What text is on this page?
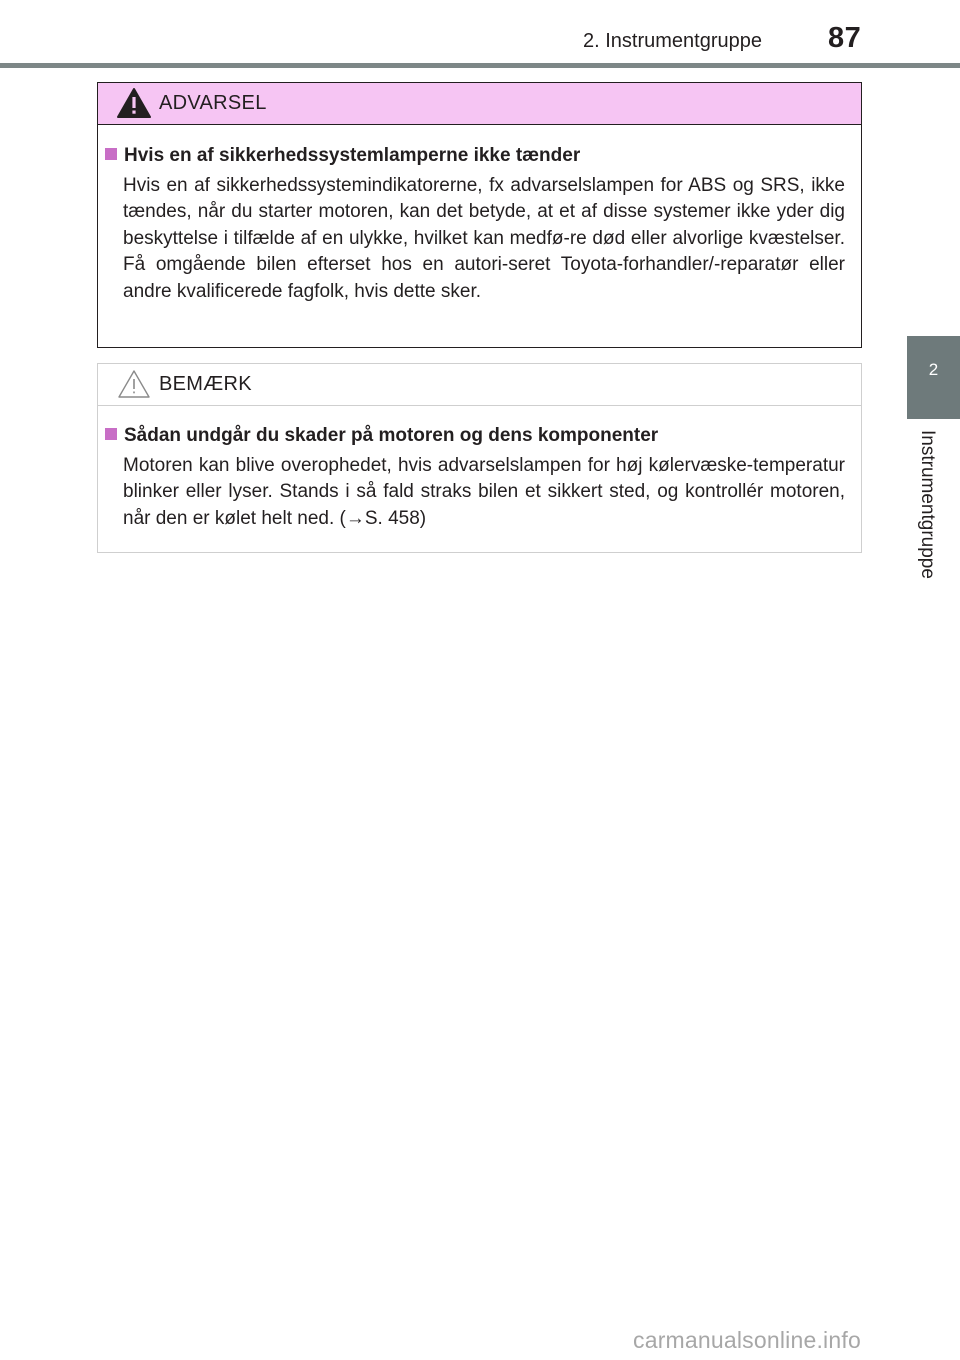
2. Instrumentgruppe 87
2
Instrumentgruppe
ADVARSEL
Hvis en af sikkerhedssystemlamperne ikke tænder
Hvis en af sikkerhedssystemindikatorerne, fx advarselslampen for ABS og SRS, ikke tændes, når du starter motoren, kan det betyde, at et af disse systemer ikke yder dig beskyttelse i tilfælde af en ulykke, hvilket kan medfø-re død eller alvorlige kvæstelser. Få omgående bilen efterset hos en autori-seret Toyota-forhandler/-reparatør eller andre kvalificerede fagfolk, hvis dette sker.
BEMÆRK
Sådan undgår du skader på motoren og dens komponenter
Motoren kan blive overophedet, hvis advarselslampen for høj kølervæske-temperatur blinker eller lyser. Stands i så fald straks bilen et sikkert sted, og kontrollér motoren, når den er kølet helt ned. (→S. 458)
carmanualsonline.info
